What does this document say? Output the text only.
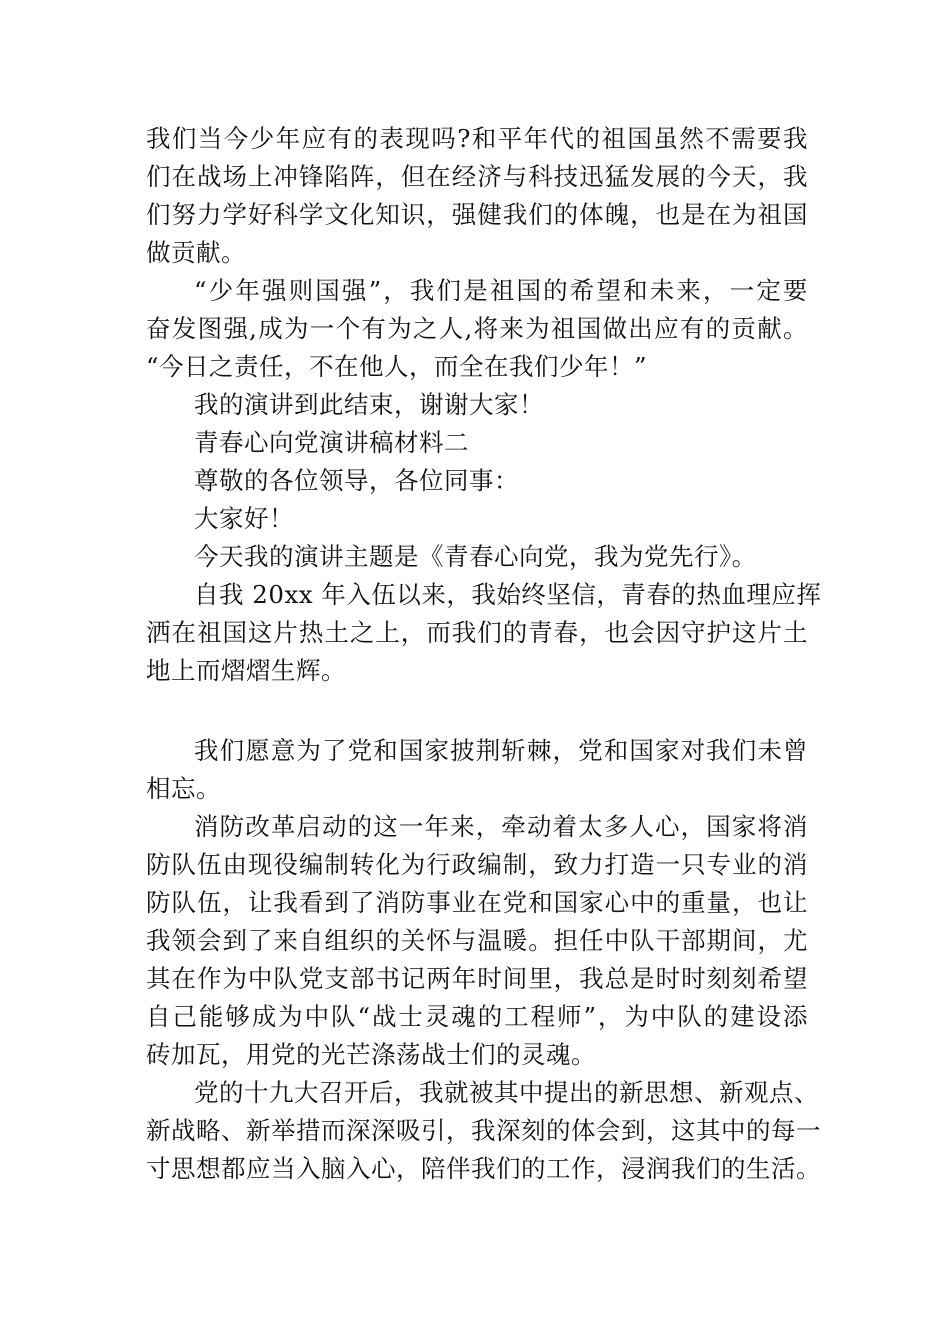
我们当今少年应有的表现吗?和平年代的祖国虽然不需要我
们在战场上冲锋陷阵，但在经济与科技迅猛发展的今天，我
们努力学好科学文化知识，强健我们的体魄，也是在为祖国
做贡献。
“少年强则国强”，我们是祖国的希望和未来，一定要
奋发图强,成为一个有为之人,将来为祖国做出应有的贡献。
“今日之责任，不在他人，而全在我们少年！”
我的演讲到此结束，谢谢大家！
青春心向党演讲稿材料二
尊敬的各位领导，各位同事：
大家好！
今天我的演讲主题是《青春心向党，我为党先行》。
自我 20xx 年入伍以来，我始终坚信，青春的热血理应挥
洒在祖国这片热土之上，而我们的青春，也会因守护这片土
地上而熠熠生辉。
我们愿意为了党和国家披荆斩棘，党和国家对我们未曾
相忘。
消防改革启动的这一年来，牵动着太多人心，国家将消
防队伍由现役编制转化为行政编制，致力打造一只专业的消
防队伍，让我看到了消防事业在党和国家心中的重量，也让
我领会到了来自组织的关怀与温暖。担任中队干部期间，尤
其在作为中队党支部书记两年时间里，我总是时时刻刻希望
自己能够成为中队“战士灵魂的工程师”，为中队的建设添
砖加瓦，用党的光芒涤荡战士们的灵魂。
党的十九大召开后，我就被其中提出的新思想、新观点、
新战略、新举措而深深吸引，我深刻的体会到，这其中的每一
寸思想都应当入脑入心，陪伴我们的工作，浸润我们的生活。
